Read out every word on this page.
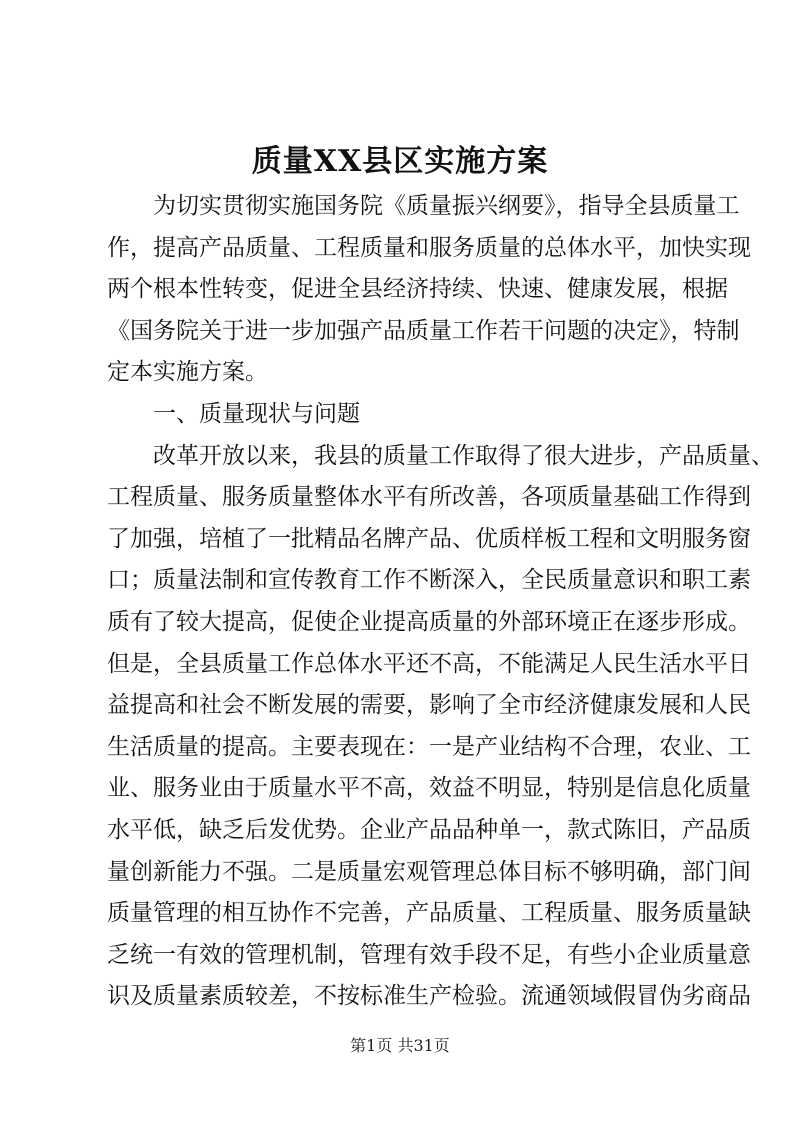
质量XX县区实施方案
为切实贯彻实施国务院《质量振兴纲要》，指导全县质量工
作，提高产品质量、工程质量和服务质量的总体水平，加快实现
两个根本性转变，促进全县经济持续、快速、健康发展，根据
《国务院关于进一步加强产品质量工作若干问题的决定》，特制
定本实施方案。
一、质量现状与问题
改革开放以来，我县的质量工作取得了很大进步，产品质量、
工程质量、服务质量整体水平有所改善，各项质量基础工作得到
了加强，培植了一批精品名牌产品、优质样板工程和文明服务窗
口；质量法制和宣传教育工作不断深入，全民质量意识和职工素
质有了较大提高，促使企业提高质量的外部环境正在逐步形成。
但是，全县质量工作总体水平还不高，不能满足人民生活水平日
益提高和社会不断发展的需要，影响了全市经济健康发展和人民
生活质量的提高。主要表现在：一是产业结构不合理，农业、工
业、服务业由于质量水平不高，效益不明显，特别是信息化质量
水平低，缺乏后发优势。企业产品品种单一，款式陈旧，产品质
量创新能力不强。二是质量宏观管理总体目标不够明确，部门间
质量管理的相互协作不完善，产品质量、工程质量、服务质量缺
乏统一有效的管理机制，管理有效手段不足，有些小企业质量意
识及质量素质较差，不按标准生产检验。流通领域假冒伪劣商品
第1页 共31页
